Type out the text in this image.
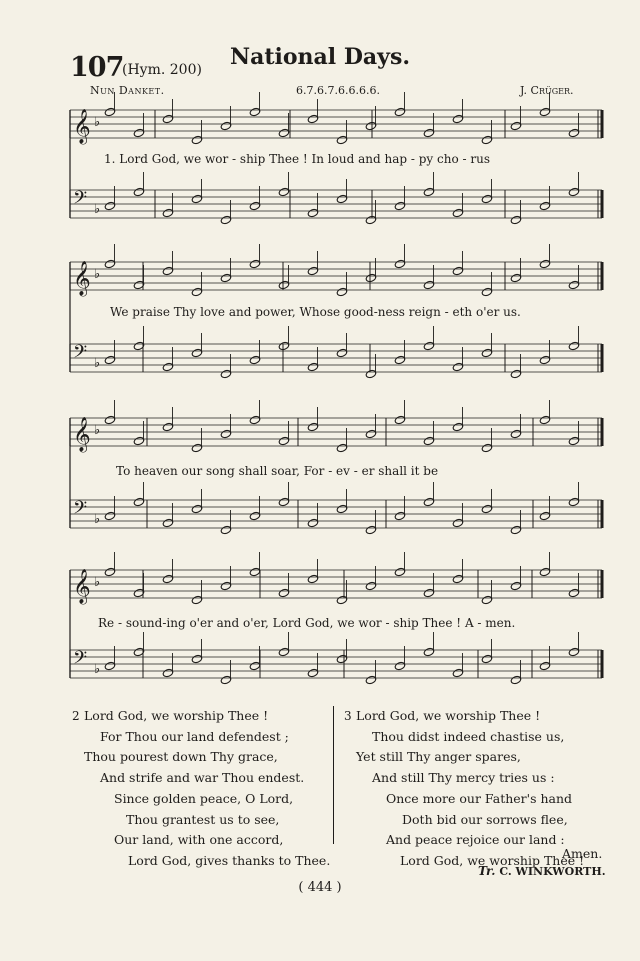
107
(Hym. 200)	National Days.
Nun Danket.	6.7.6.7.6.6.6.6.	J. Crüger.
𝄞 ♭
𝄢 ♭
𝄞 ♭
𝄢 ♭
𝄞 ♭
𝄢 ♭
𝄞 ♭
𝄢 ♭
1. Lord God, we wor - ship Thee ! In loud and hap - py cho - rus
We praise Thy love and power, Whose good-ness reign - eth o'er us.
To heaven our song shall soar, For - ev - er shall it be
Re - sound-ing o'er and o'er, Lord God, we wor - ship Thee ! A - men.
2 Lord God, we worship Thee !
For Thou our land defendest ;
Thou pourest down Thy grace,
And strife and war Thou endest.
Since golden peace, O Lord,
Thou grantest us to see,
Our land, with one accord,
Lord God, gives thanks to Thee.
3 Lord God, we worship Thee !
Thou didst indeed chastise us,
Yet still Thy anger spares,
And still Thy mercy tries us :
Once more our Father's hand
Doth bid our sorrows flee,
And peace rejoice our land :
Lord God, we worship Thee !
Amen.
Tr. C. WINKWORTH.
( 444 )
